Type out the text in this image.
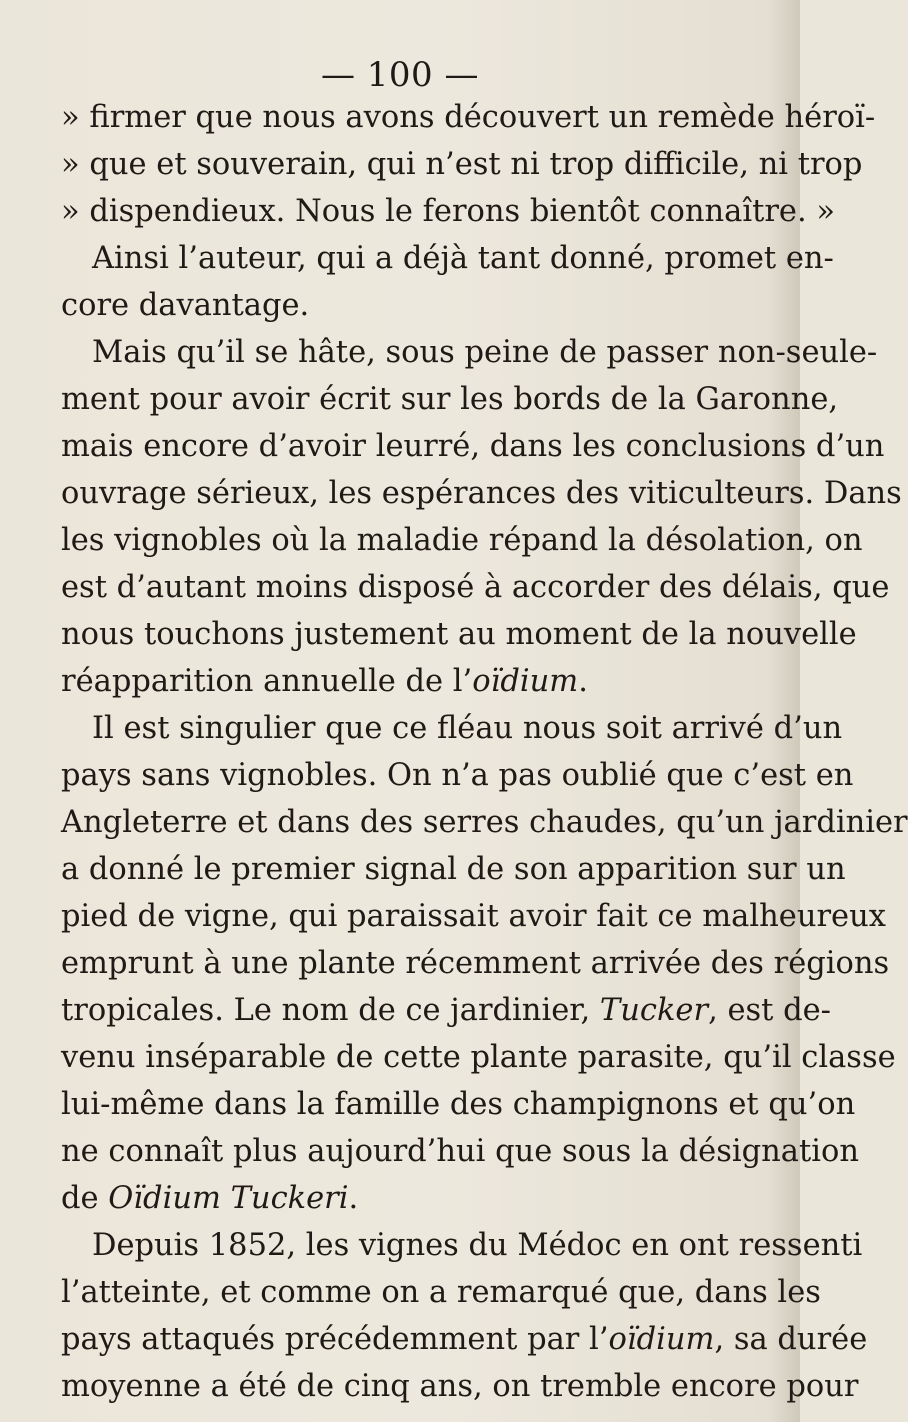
— 100 —
» firmer que nous avons découvert un remède héroï-
» que et souverain, qui n’est ni trop difficile, ni trop
» dispendieux. Nous le ferons bientôt connaître. »
Ainsi l’auteur, qui a déjà tant donné, promet en-
core davantage.
Mais qu’il se hâte, sous peine de passer non-seule-
ment pour avoir écrit sur les bords de la Garonne,
mais encore d’avoir leurré, dans les conclusions d’un
ouvrage sérieux, les espérances des viticulteurs. Dans
les vignobles où la maladie répand la désolation, on
est d’autant moins disposé à accorder des délais, que
nous touchons justement au moment de la nouvelle
réapparition annuelle de l’oïdium.
Il est singulier que ce fléau nous soit arrivé d’un
pays sans vignobles. On n’a pas oublié que c’est en
Angleterre et dans des serres chaudes, qu’un jardinier
a donné le premier signal de son apparition sur un
pied de vigne, qui paraissait avoir fait ce malheureux
emprunt à une plante récemment arrivée des régions
tropicales. Le nom de ce jardinier, Tucker, est de-
venu inséparable de cette plante parasite, qu’il classe
lui-même dans la famille des champignons et qu’on
ne connaît plus aujourd’hui que sous la désignation
de Oïdium Tuckeri.
Depuis 1852, les vignes du Médoc en ont ressenti
l’atteinte, et comme on a remarqué que, dans les
pays attaqués précédemment par l’oïdium, sa durée
moyenne a été de cinq ans, on tremble encore pour
